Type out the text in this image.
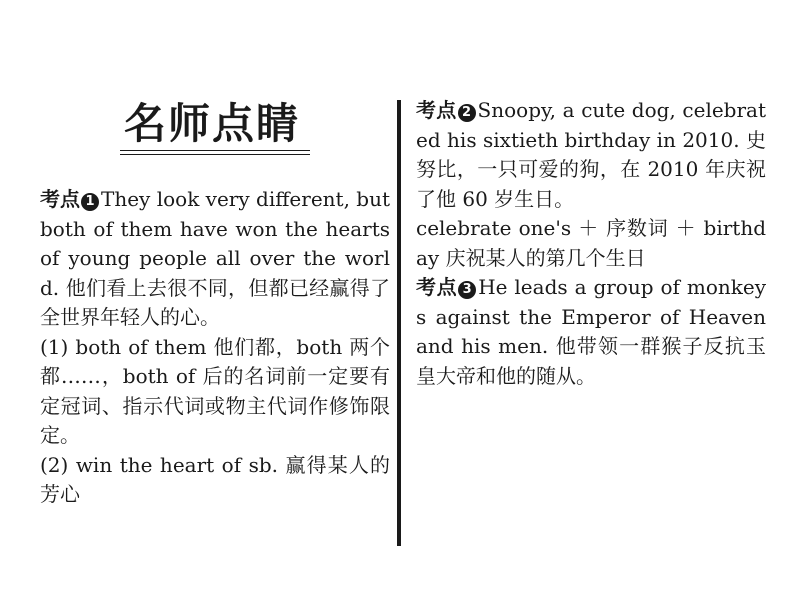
名师点睛

考点 1 They look very different, but both of them have won the hearts of young people all over the world. 他们看上去很不同，但都已经赢得了全世界年轻人的心。

(1) both of them 他们都，both 两个都……，both of 后的名词前一定要有定冠词、指示代词或物主代词作修饰限定。

(2) win the heart of sb. 赢得某人的芳心

考点 2 Snoopy, a cute dog, celebrated his sixtieth birthday in 2010. 史努比，一只可爱的狗，在 2010 年庆祝了他 60 岁生日。

celebrate one's ＋ 序数词 ＋ birthday 庆祝某人的第几个生日

考点 3 He leads a group of monkeys against the Emperor of Heaven and his men. 他带领一群猴子反抗玉皇大帝和他的随从。
